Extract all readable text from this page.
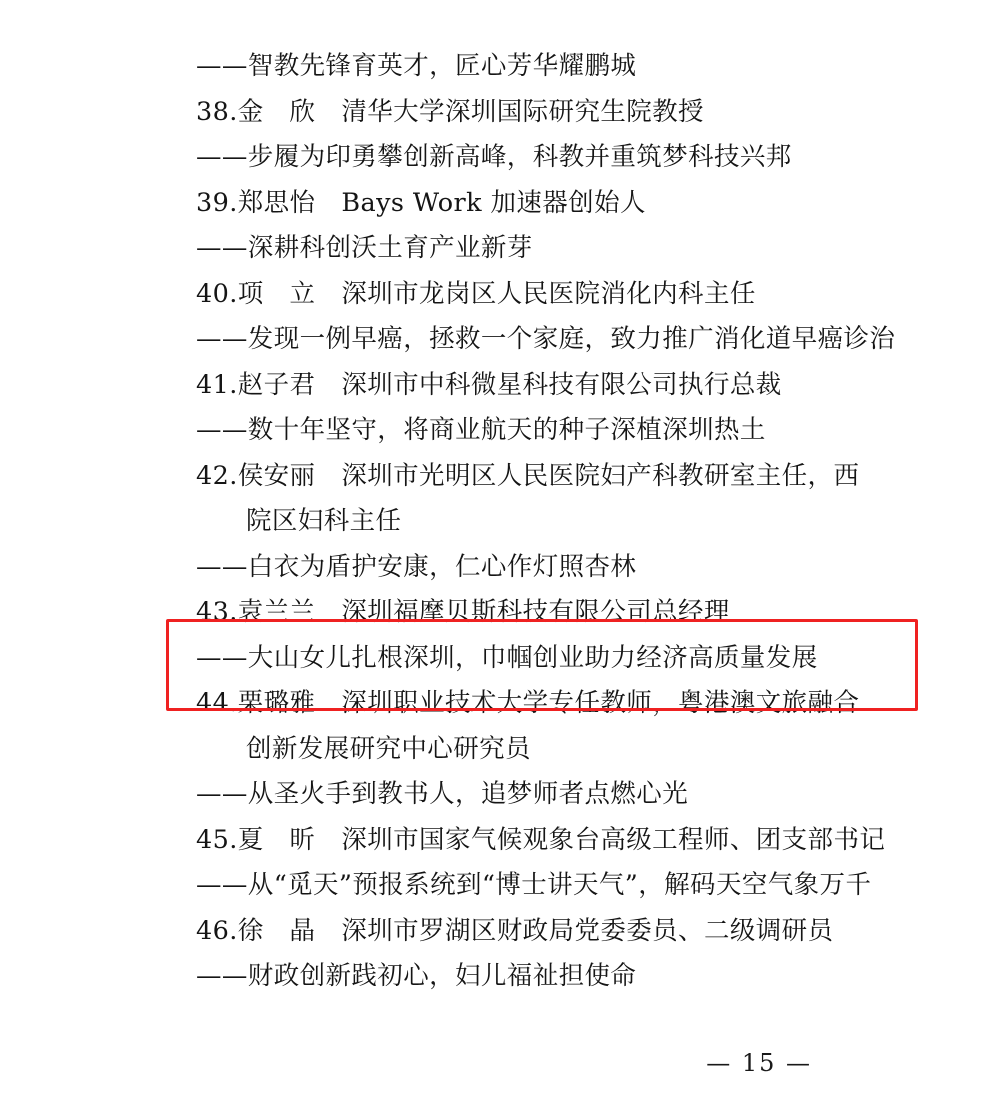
——智教先锋育英才，匠心芳华耀鹏城
38.金　欣　清华大学深圳国际研究生院教授
——步履为印勇攀创新高峰，科教并重筑梦科技兴邦
39.郑思怡　Bays Work 加速器创始人
——深耕科创沃土育产业新芽
40.项　立　深圳市龙岗区人民医院消化内科主任
——发现一例早癌，拯救一个家庭，致力推广消化道早癌诊治
41.赵子君　深圳市中科微星科技有限公司执行总裁
——数十年坚守，将商业航天的种子深植深圳热土
42.侯安丽　深圳市光明区人民医院妇产科教研室主任，西
院区妇科主任
——白衣为盾护安康，仁心作灯照杏林
43.袁兰兰　深圳福摩贝斯科技有限公司总经理
——大山女儿扎根深圳，巾帼创业助力经济高质量发展
44.栗璐雅　深圳职业技术大学专任教师，粤港澳文旅融合
创新发展研究中心研究员
——从圣火手到教书人，追梦师者点燃心光
45.夏　昕　深圳市国家气候观象台高级工程师、团支部书记
——从“觅天”预报系统到“博士讲天气”，解码天空气象万千
46.徐　晶　深圳市罗湖区财政局党委委员、二级调研员
——财政创新践初心，妇儿福祉担使命
— 15 —
